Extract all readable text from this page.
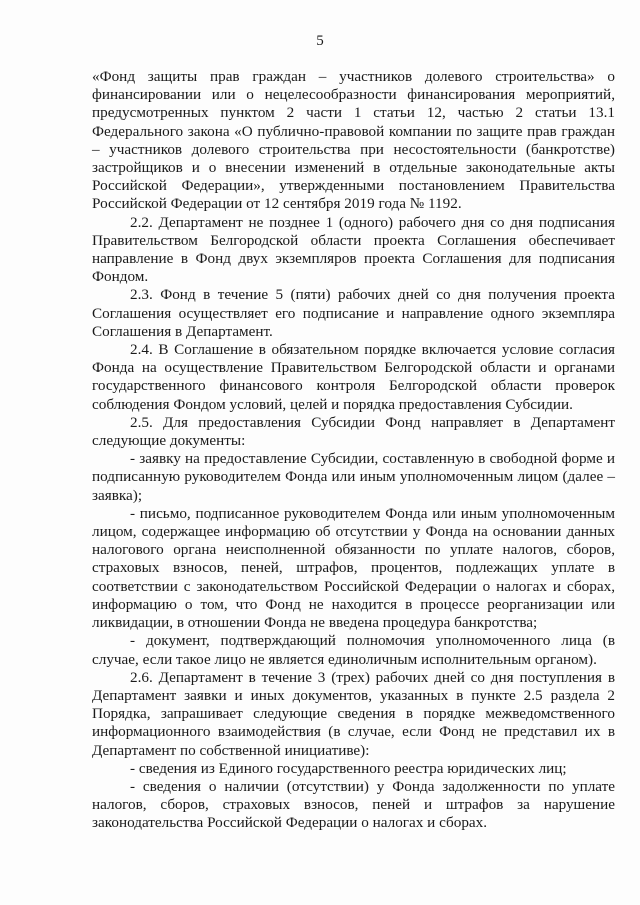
5

«Фонд защиты прав граждан – участников долевого строительства» о финансировании или о нецелесообразности финансирования мероприятий, предусмотренных пунктом 2 части 1 статьи 12, частью 2 статьи 13.1 Федерального закона «О публично-правовой компании по защите прав граждан – участников долевого строительства при несостоятельности (банкротстве) застройщиков и о внесении изменений в отдельные законодательные акты Российской Федерации», утвержденными постановлением Правительства Российской Федерации от 12 сентября 2019 года № 1192.

2.2. Департамент не позднее 1 (одного) рабочего дня со дня подписания Правительством Белгородской области проекта Соглашения обеспечивает направление в Фонд двух экземпляров проекта Соглашения для подписания Фондом.

2.3. Фонд в течение 5 (пяти) рабочих дней со дня получения проекта Соглашения осуществляет его подписание и направление одного экземпляра Соглашения в Департамент.

2.4. В Соглашение в обязательном порядке включается условие согласия Фонда на осуществление Правительством Белгородской области и органами государственного финансового контроля Белгородской области проверок соблюдения Фондом условий, целей и порядка предоставления Субсидии.

2.5. Для предоставления Субсидии Фонд направляет в Департамент следующие документы:

- заявку на предоставление Субсидии, составленную в свободной форме и подписанную руководителем Фонда или иным уполномоченным лицом (далее – заявка);

- письмо, подписанное руководителем Фонда или иным уполномоченным лицом, содержащее информацию об отсутствии у Фонда на основании данных налогового органа неисполненной обязанности по уплате налогов, сборов, страховых взносов, пеней, штрафов, процентов, подлежащих уплате в соответствии с законодательством Российской Федерации о налогах и сборах, информацию о том, что Фонд не находится в процессе реорганизации или ликвидации, в отношении Фонда не введена процедура банкротства;

- документ, подтверждающий полномочия уполномоченного лица (в случае, если такое лицо не является единоличным исполнительным органом).

2.6. Департамент в течение 3 (трех) рабочих дней со дня поступления в Департамент заявки и иных документов, указанных в пункте 2.5 раздела 2 Порядка, запрашивает следующие сведения в порядке межведомственного информационного взаимодействия (в случае, если Фонд не представил их в Департамент по собственной инициативе):

- сведения из Единого государственного реестра юридических лиц;

- сведения о наличии (отсутствии) у Фонда задолженности по уплате налогов, сборов, страховых взносов, пеней и штрафов за нарушение законодательства Российской Федерации о налогах и сборах.
